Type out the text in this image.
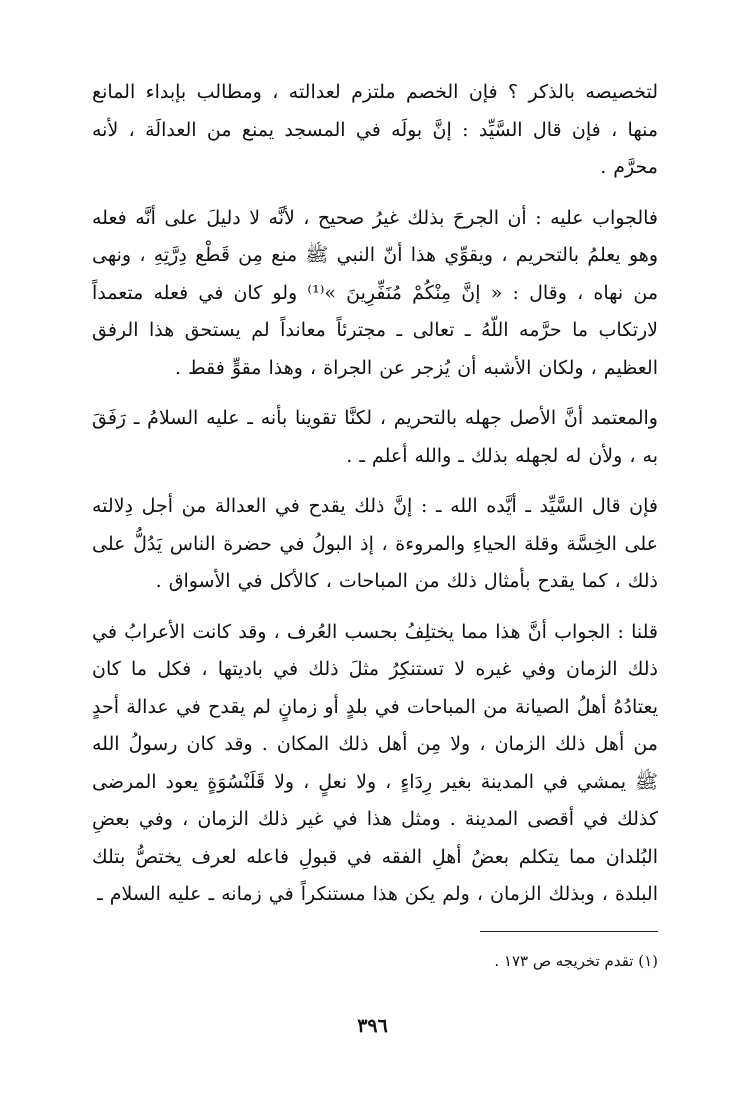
لتخصيصه بالذكر ؟ فإن الخصم ملتزم لعدالته ، ومطالب بإبداء المانع منها ، فإن قال السَّيِّد : إنَّ بولَه في المسجد يمنع من العدالَة ، لأنه محرَّم .

فالجواب عليه : أن الجرحَ بذلك غيرُ صحيح ، لأنَّه لا دليلَ على أنَّه فعله وهو يعلمُ بالتحريم ، ويقوِّي هذا أنّ النبي ﷺ منع مِن قَطْع دِرَّتِهِ ، ونهى من نهاه ، وقال : « إنَّ مِنْكُمْ مُنَفِّرِينَ »⁽¹⁾ ولو كان في فعله متعمداً لارتكاب ما حرَّمه اللّهُ ـ تعالى ـ مجترئاً معانداً لم يستحق هذا الرفق العظيم ، ولكان الأشبه أن يُزجر عن الجراة ، وهذا مقوٍّ فقط .

والمعتمد أنَّ الأصل جهله بالتحريم ، لكنَّا تقوينا بأنه ـ عليه السلامُ ـ رَفَقَ به ، ولأن له لجهله بذلك ـ والله أعلم ـ .

فإن قال السَّيِّد ـ أيَّده الله ـ : إنَّ ذلك يقدح في العدالة من أجل دِلالته على الخِسَّة وقلة الحياءِ والمروءة ، إذ البولُ في حضرة الناس يَدُلُّ على ذلك ، كما يقدح بأمثال ذلك من المباحات ، كالأكل في الأسواق .

قلنا : الجواب أنَّ هذا مما يختلِفُ بحسب العُرف ، وقد كانت الأعرابُ في ذلك الزمان وفي غيره لا تستنكِرُ مثلَ ذلك في باديتها ، فكل ما كان يعتادُهُ أهلُ الصيانة من المباحات في بلدٍ أو زمانٍ لم يقدح في عدالة أحدٍ من أهل ذلك الزمان ، ولا مِن أهل ذلك المكان . وقد كان رسولُ الله ﷺ يمشي في المدينة بغير رِدَاءٍ ، ولا نعلٍ ، ولا قَلَنْسُوَةٍ يعود المرضى كذلك في أقصى المدينة . ومثل هذا في غير ذلك الزمان ، وفي بعضِ البُلدان مما يتكلم بعضُ أهلِ الفقه في قبولِ فاعله لعرف يختصُّ بتلك البلدة ، وبذلك الزمان ، ولم يكن هذا مستنكراً في زمانه ـ عليه السلام ـ

(١) تقدم تخريجه ص ١٧٣ .

٣٩٦
